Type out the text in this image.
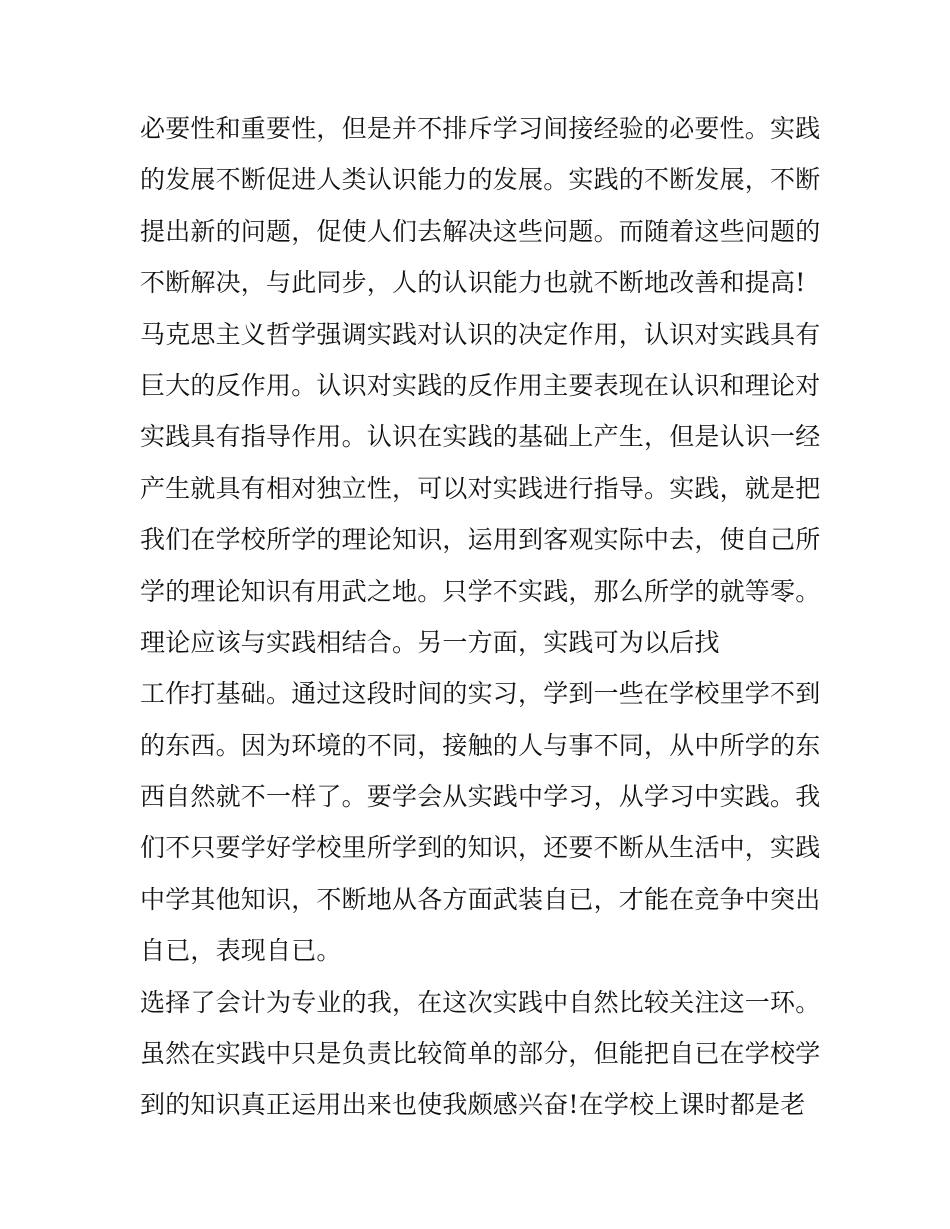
必要性和重要性，但是并不排斥学习间接经验的必要性。实践
的发展不断促进人类认识能力的发展。实践的不断发展，不断
提出新的问题，促使人们去解决这些问题。而随着这些问题的
不断解决，与此同步，人的认识能力也就不断地改善和提高!
马克思主义哲学强调实践对认识的决定作用，认识对实践具有
巨大的反作用。认识对实践的反作用主要表现在认识和理论对
实践具有指导作用。认识在实践的基础上产生，但是认识一经
产生就具有相对独立性，可以对实践进行指导。实践，就是把
我们在学校所学的理论知识，运用到客观实际中去，使自己所
学的理论知识有用武之地。只学不实践，那么所学的就等零。
理论应该与实践相结合。另一方面，实践可为以后找
工作打基础。通过这段时间的实习，学到一些在学校里学不到
的东西。因为环境的不同，接触的人与事不同，从中所学的东
西自然就不一样了。要学会从实践中学习，从学习中实践。我
们不只要学好学校里所学到的知识，还要不断从生活中，实践
中学其他知识，不断地从各方面武装自已，才能在竞争中突出
自已，表现自已。
选择了会计为专业的我，在这次实践中自然比较关注这一环。
虽然在实践中只是负责比较简单的部分，但能把自已在学校学
到的知识真正运用出来也使我颇感兴奋!在学校上课时都是老
